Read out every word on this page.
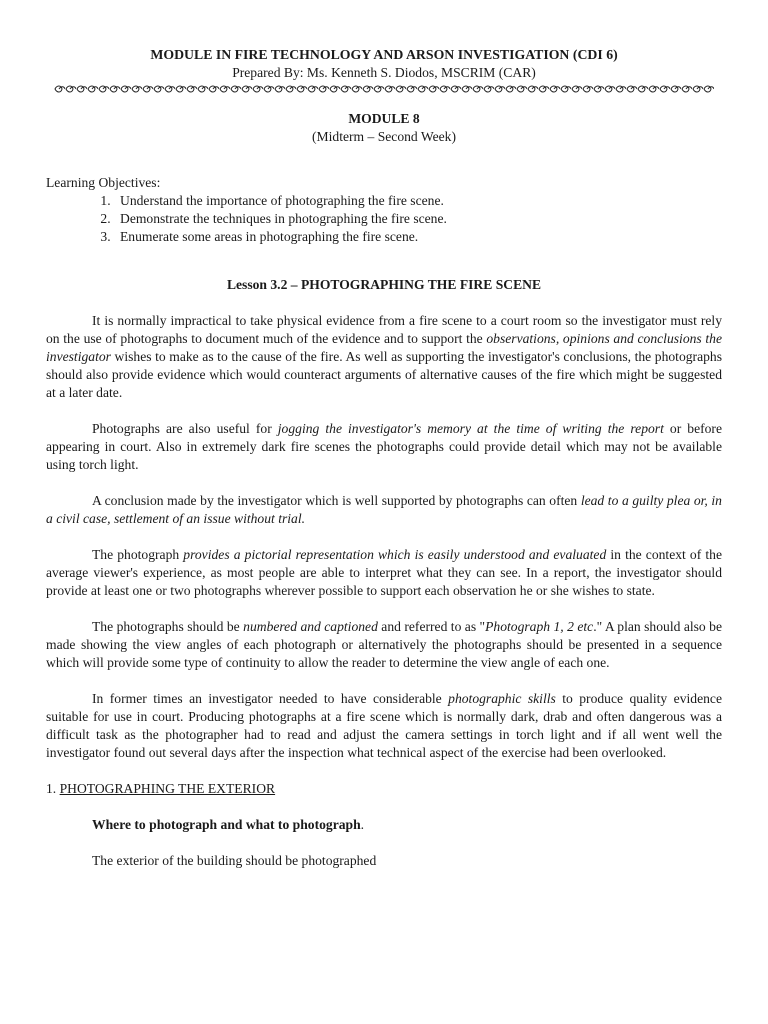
MODULE IN FIRE TECHNOLOGY AND ARSON INVESTIGATION (CDI 6)
Prepared By: Ms. Kenneth S. Diodos, MSCRIM (CAR)
MODULE 8
(Midterm – Second Week)
Learning Objectives:
1. Understand the importance of photographing the fire scene.
2. Demonstrate the techniques in photographing the fire scene.
3. Enumerate some areas in photographing the fire scene.
Lesson 3.2 – PHOTOGRAPHING THE FIRE SCENE

It is normally impractical to take physical evidence from a fire scene to a court room so the investigator must rely on the use of photographs to document much of the evidence and to support the observations, opinions and conclusions the investigator wishes to make as to the cause of the fire. As well as supporting the investigator's conclusions, the photographs should also provide evidence which would counteract arguments of alternative causes of the fire which might be suggested at a later date.

Photographs are also useful for jogging the investigator's memory at the time of writing the report or before appearing in court. Also in extremely dark fire scenes the photographs could provide detail which may not be available using torch light.

A conclusion made by the investigator which is well supported by photographs can often lead to a guilty plea or, in a civil case, settlement of an issue without trial.

The photograph provides a pictorial representation which is easily understood and evaluated in the context of the average viewer's experience, as most people are able to interpret what they can see. In a report, the investigator should provide at least one or two photographs wherever possible to support each observation he or she wishes to state.

The photographs should be numbered and captioned and referred to as "Photograph 1, 2 etc." A plan should also be made showing the view angles of each photograph or alternatively the photographs should be presented in a sequence which will provide some type of continuity to allow the reader to determine the view angle of each one.

In former times an investigator needed to have considerable photographic skills to produce quality evidence suitable for use in court. Producing photographs at a fire scene which is normally dark, drab and often dangerous was a difficult task as the photographer had to read and adjust the camera settings in torch light and if all went well the investigator found out several days after the inspection what technical aspect of the exercise had been overlooked.

1. PHOTOGRAPHING THE EXTERIOR
Where to photograph and what to photograph.
The exterior of the building should be photographed
